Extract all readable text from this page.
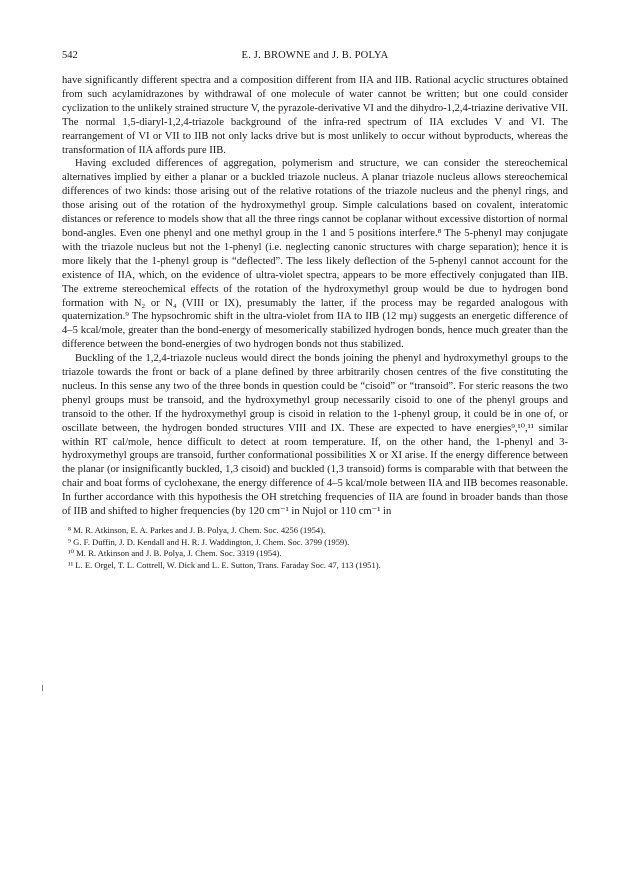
542	E. J. BROWNE and J. B. POLYA

have significantly different spectra and a composition different from IIA and IIB. Rational acyclic structures obtained from such acylamidrazones by withdrawal of one molecule of water cannot be written; but one could consider cyclization to the unlikely strained structure V, the pyrazole-derivative VI and the dihydro-1,2,4-triazine derivative VII. The normal 1,5-diaryl-1,2,4-triazole background of the infra-red spectrum of IIA excludes V and VI. The rearrangement of VI or VII to IIB not only lacks drive but is most unlikely to occur without byproducts, whereas the transformation of IIA affords pure IIB.

Having excluded differences of aggregation, polymerism and structure, we can consider the stereochemical alternatives implied by either a planar or a buckled triazole nucleus. A planar triazole nucleus allows stereochemical differences of two kinds: those arising out of the relative rotations of the triazole nucleus and the phenyl rings, and those arising out of the rotation of the hydroxymethyl group. Simple calculations based on covalent, interatomic distances or reference to models show that all the three rings cannot be coplanar without excessive distortion of normal bond-angles. Even one phenyl and one methyl group in the 1 and 5 positions interfere.⁸ The 5-phenyl may conjugate with the triazole nucleus but not the 1-phenyl (i.e. neglecting canonic structures with charge separation); hence it is more likely that the 1-phenyl group is “deflected”. The less likely deflection of the 5-phenyl cannot account for the existence of IIA, which, on the evidence of ultra-violet spectra, appears to be more effectively conjugated than IIB. The extreme stereochemical effects of the rotation of the hydroxymethyl group would be due to hydrogen bond formation with N₂ or N₄ (VIII or IX), presumably the latter, if the process may be regarded analogous with quaternization.⁹ The hypsochromic shift in the ultra-violet from IIA to IIB (12 mμ) suggests an energetic difference of 4–5 kcal/mole, greater than the bond-energy of mesomerically stabilized hydrogen bonds, hence much greater than the difference between the bond-energies of two hydrogen bonds not thus stabilized.

Buckling of the 1,2,4-triazole nucleus would direct the bonds joining the phenyl and hydroxymethyl groups to the triazole towards the front or back of a plane defined by three arbitrarily chosen centres of the five constituting the nucleus. In this sense any two of the three bonds in question could be “cisoid” or “transoid”. For steric reasons the two phenyl groups must be transoid, and the hydroxymethyl group necessarily cisoid to one of the phenyl groups and transoid to the other. If the hydroxymethyl group is cisoid in relation to the 1-phenyl group, it could be in one of, or oscillate between, the hydrogen bonded structures VIII and IX. These are expected to have energies⁹,¹⁰,¹¹ similar within RT cal/mole, hence difficult to detect at room temperature. If, on the other hand, the 1-phenyl and 3-hydroxymethyl groups are transoid, further conformational possibilities X or XI arise. If the energy difference between the planar (or insignificantly buckled, 1,3 cisoid) and buckled (1,3 transoid) forms is comparable with that between the chair and boat forms of cyclohexane, the energy difference of 4–5 kcal/mole between IIA and IIB becomes reasonable. In further accordance with this hypothesis the OH stretching frequencies of IIA are found in broader bands than those of IIB and shifted to higher frequencies (by 120 cm⁻¹ in Nujol or 110 cm⁻¹ in

⁸ M. R. Atkinson, E. A. Parkes and J. B. Polya, J. Chem. Soc. 4256 (1954).

⁹ G. F. Duffin, J. D. Kendall and H. R. J. Waddington, J. Chem. Soc. 3799 (1959).

¹⁰ M. R. Atkinson and J. B. Polya, J. Chem. Soc. 3319 (1954).

¹¹ L. E. Orgel, T. L. Cottrell, W. Dick and L. E. Sutton, Trans. Faraday Soc. 47, 113 (1951).
